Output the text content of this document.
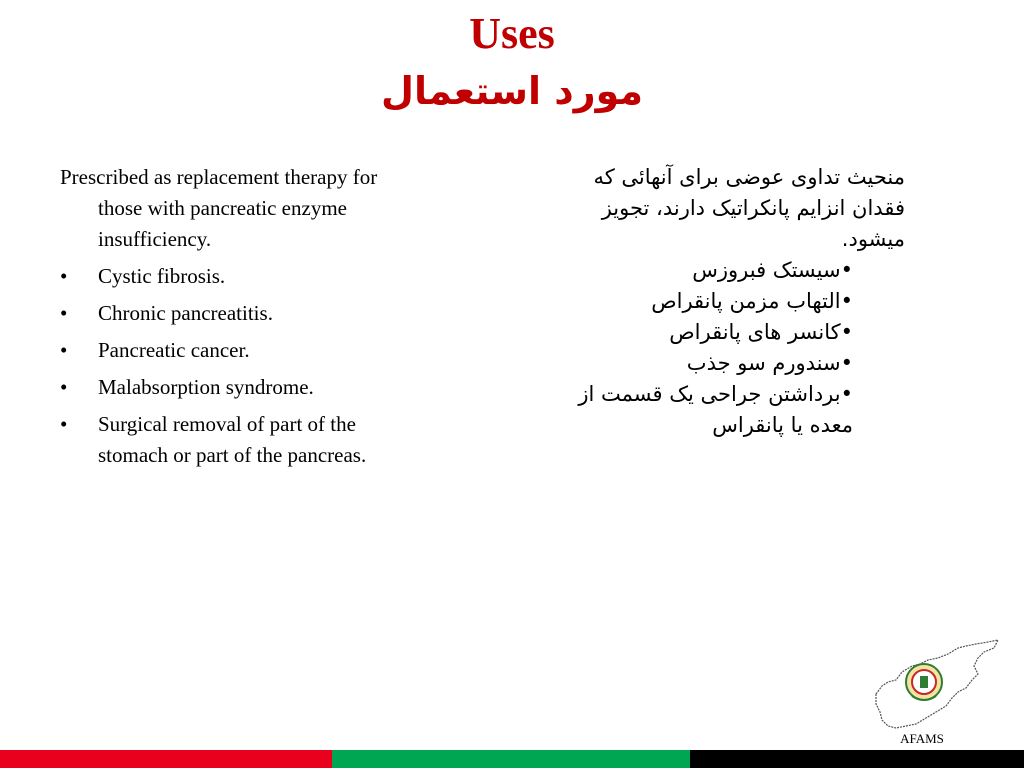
Uses
مورد استعمال

Prescribed as replacement therapy for those with pancreatic enzyme insufficiency.

• Cystic fibrosis.
• Chronic pancreatitis.
• Pancreatic cancer.
• Malabsorption syndrome.
• Surgical removal of part of the stomach or part of the pancreas.

منحیث تداوی عوضی برای آنهائی که فقدان انزایم پانکراتیک دارند، تجویز میشود.

•سیستک فبروزس
•التهاب مزمن پانقراص
•کانسر های پانقراص
•سندورم سو جذب
•برداشتن جراحی یک قسمت از معده یا پانقراس
AFAMS
